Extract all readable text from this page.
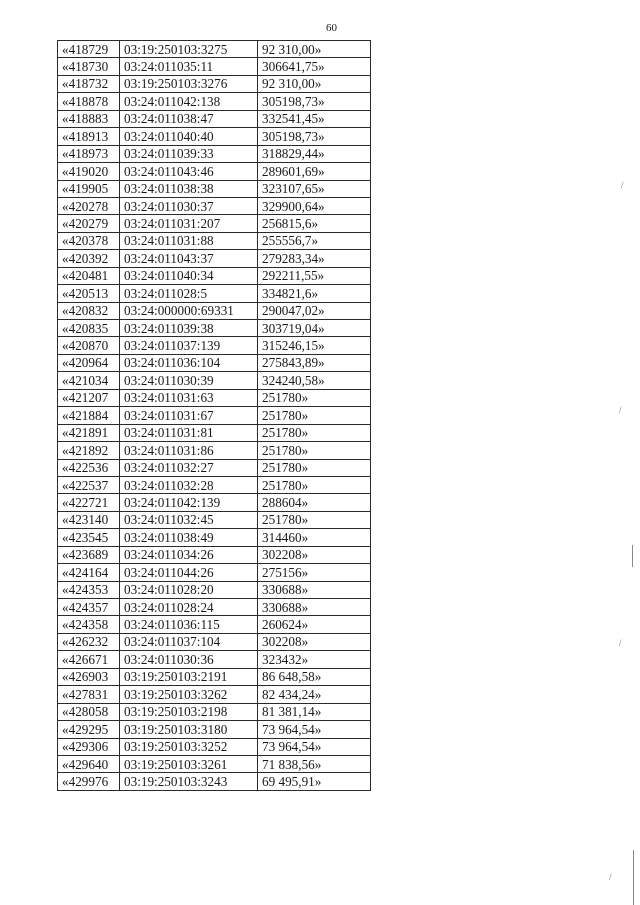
60
«418729	03:19:250103:3275	92 310,00»
«418730	03:24:011035:11	306641,75»
«418732	03:19:250103:3276	92 310,00»
«418878	03:24:011042:138	305198,73»
«418883	03:24:011038:47	332541,45»
«418913	03:24:011040:40	305198,73»
«418973	03:24:011039:33	318829,44»
«419020	03:24:011043:46	289601,69»
«419905	03:24:011038:38	323107,65»
«420278	03:24:011030:37	329900,64»
«420279	03:24:011031:207	256815,6»
«420378	03:24:011031:88	255556,7»
«420392	03:24:011043:37	279283,34»
«420481	03:24:011040:34	292211,55»
«420513	03:24:011028:5	334821,6»
«420832	03:24:000000:69331	290047,02»
«420835	03:24:011039:38	303719,04»
«420870	03:24:011037:139	315246,15»
«420964	03:24:011036:104	275843,89»
«421034	03:24:011030:39	324240,58»
«421207	03:24:011031:63	251780»
«421884	03:24:011031:67	251780»
«421891	03:24:011031:81	251780»
«421892	03:24:011031:86	251780»
«422536	03:24:011032:27	251780»
«422537	03:24:011032:28	251780»
«422721	03:24:011042:139	288604»
«423140	03:24:011032:45	251780»
«423545	03:24:011038:49	314460»
«423689	03:24:011034:26	302208»
«424164	03:24:011044:26	275156»
«424353	03:24:011028:20	330688»
«424357	03:24:011028:24	330688»
«424358	03:24:011036:115	260624»
«426232	03:24:011037:104	302208»
«426671	03:24:011030:36	323432»
«426903	03:19:250103:2191	86 648,58»
«427831	03:19:250103:3262	82 434,24»
«428058	03:19:250103:2198	81 381,14»
«429295	03:19:250103:3180	73 964,54»
«429306	03:19:250103:3252	73 964,54»
«429640	03:19:250103:3261	71 838,56»
«429976	03:19:250103:3243	69 495,91»
/
/
/
/
